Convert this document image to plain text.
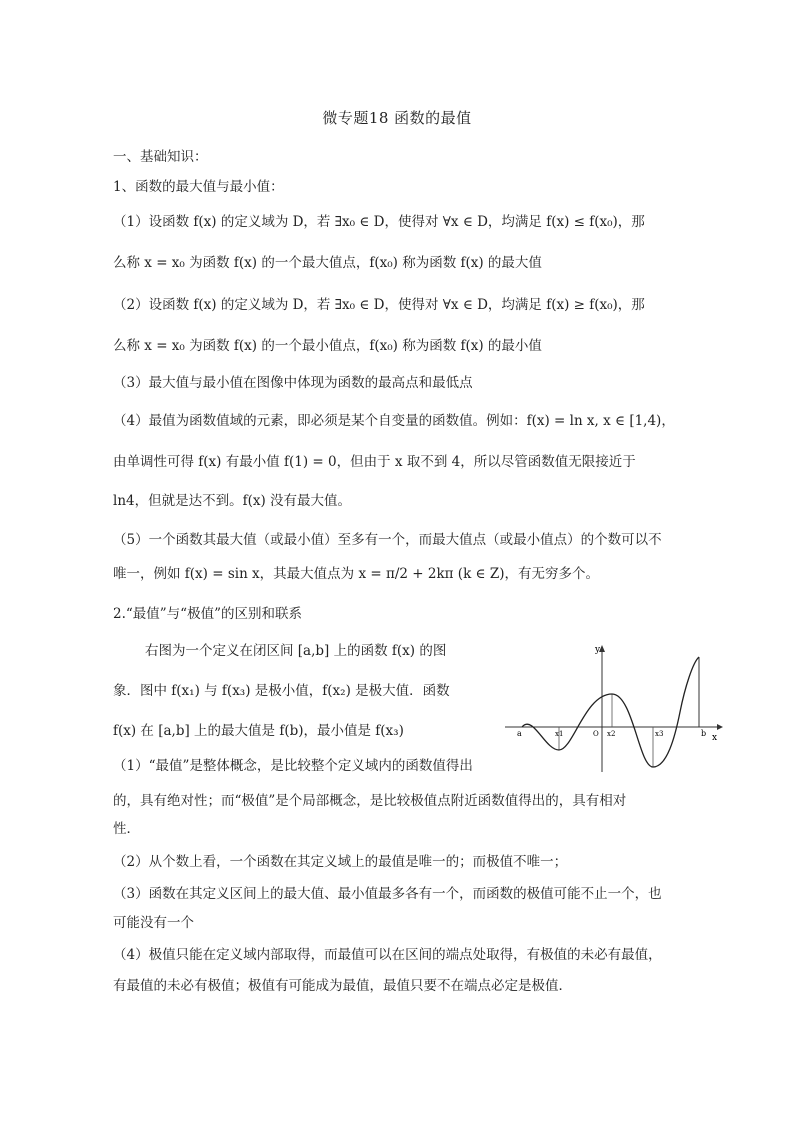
微专题18 函数的最值
一、基础知识：
1、函数的最大值与最小值：
（1）设函数 f(x) 的定义域为 D，若 ∃x₀ ∈ D，使得对 ∀x ∈ D，均满足 f(x) ≤ f(x₀)，那
么称 x = x₀ 为函数 f(x) 的一个最大值点，f(x₀) 称为函数 f(x) 的最大值
（2）设函数 f(x) 的定义域为 D，若 ∃x₀ ∈ D，使得对 ∀x ∈ D，均满足 f(x) ≥ f(x₀)，那
么称 x = x₀ 为函数 f(x) 的一个最小值点，f(x₀) 称为函数 f(x) 的最小值
（3）最大值与最小值在图像中体现为函数的最高点和最低点
（4）最值为函数值域的元素，即必须是某个自变量的函数值。例如：f(x) = ln x, x ∈ [1,4)，
由单调性可得 f(x) 有最小值 f(1) = 0，但由于 x 取不到 4，所以尽管函数值无限接近于
ln4，但就是达不到。f(x) 没有最大值。
（5）一个函数其最大值（或最小值）至多有一个，而最大值点（或最小值点）的个数可以不
唯一，例如 f(x) = sin x，其最大值点为 x = π/2 + 2kπ (k ∈ Z)，有无穷多个。
2.“最值”与“极值”的区别和联系
右图为一个定义在闭区间 [a,b] 上的函数 f(x) 的图
象．图中 f(x₁) 与 f(x₃) 是极小值，f(x₂) 是极大值．函数
f(x) 在 [a,b] 上的最大值是 f(b)，最小值是 f(x₃)
（1）“最值”是整体概念，是比较整个定义域内的函数值得出
的，具有绝对性；而“极值”是个局部概念，是比较极值点附近函数值得出的，具有相对
性．
（2）从个数上看，一个函数在其定义域上的最值是唯一的；而极值不唯一；
（3）函数在其定义区间上的最大值、最小值最多各有一个，而函数的极值可能不止一个，也
可能没有一个
（4）极值只能在定义域内部取得，而最值可以在区间的端点处取得，有极值的未必有最值，
有最值的未必有极值；极值有可能成为最值，最值只要不在端点必定是极值．
y
x
a	x1	O x2	x3	b
